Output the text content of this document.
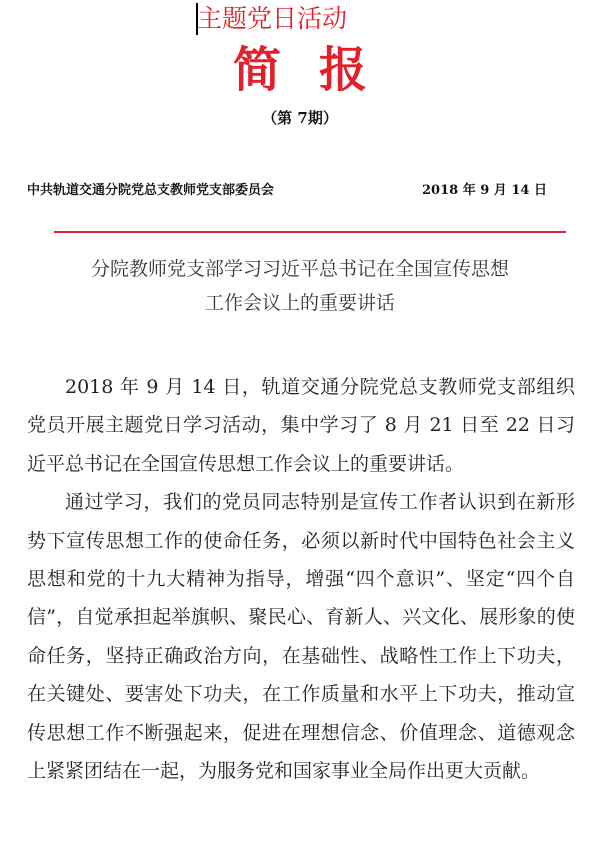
主题党日活动
简报
（第 7期）
中共轨道交通分院党总支教师党支部委员会	2018 年 9 月 14 日
分院教师党支部学习习近平总书记在全国宣传思想
工作会议上的重要讲话

2018 年 9 月 14 日，轨道交通分院党总支教师党支部组织党员开展主题党日学习活动，集中学习了 8 月 21 日至 22 日习近平总书记在全国宣传思想工作会议上的重要讲话。

通过学习，我们的党员同志特别是宣传工作者认识到在新形势下宣传思想工作的使命任务，必须以新时代中国特色社会主义思想和党的十九大精神为指导，增强“四个意识”、坚定“四个自信”，自觉承担起举旗帜、聚民心、育新人、兴文化、展形象的使命任务，坚持正确政治方向，在基础性、战略性工作上下功夫，在关键处、要害处下功夫，在工作质量和水平上下功夫，推动宣传思想工作不断强起来，促进在理想信念、价值理念、道德观念上紧紧团结在一起，为服务党和国家事业全局作出更大贡献。
